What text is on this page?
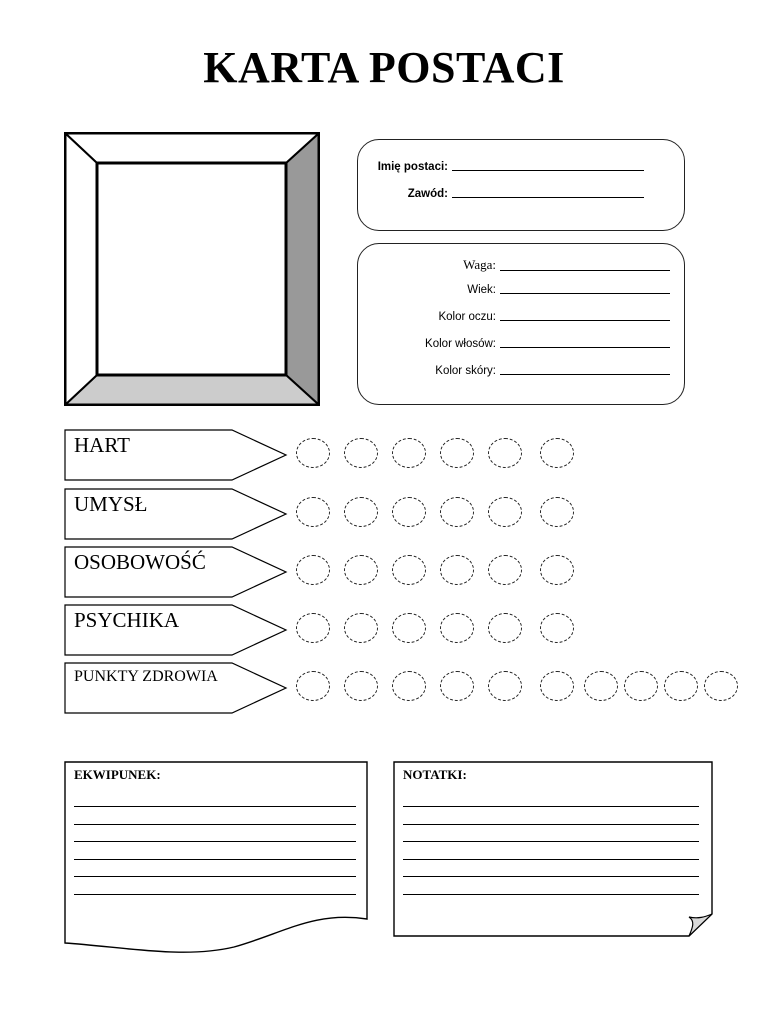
KARTA POSTACI
Imię postaci:
Zawód:
Waga:
Wiek:
Kolor oczu:
Kolor włosów:
Kolor skóry:
HART
UMYSŁ
OSOBOWOŚĆ
PSYCHIKA
PUNKTY ZDROWIA
EKWIPUNEK:	NOTATKI:
